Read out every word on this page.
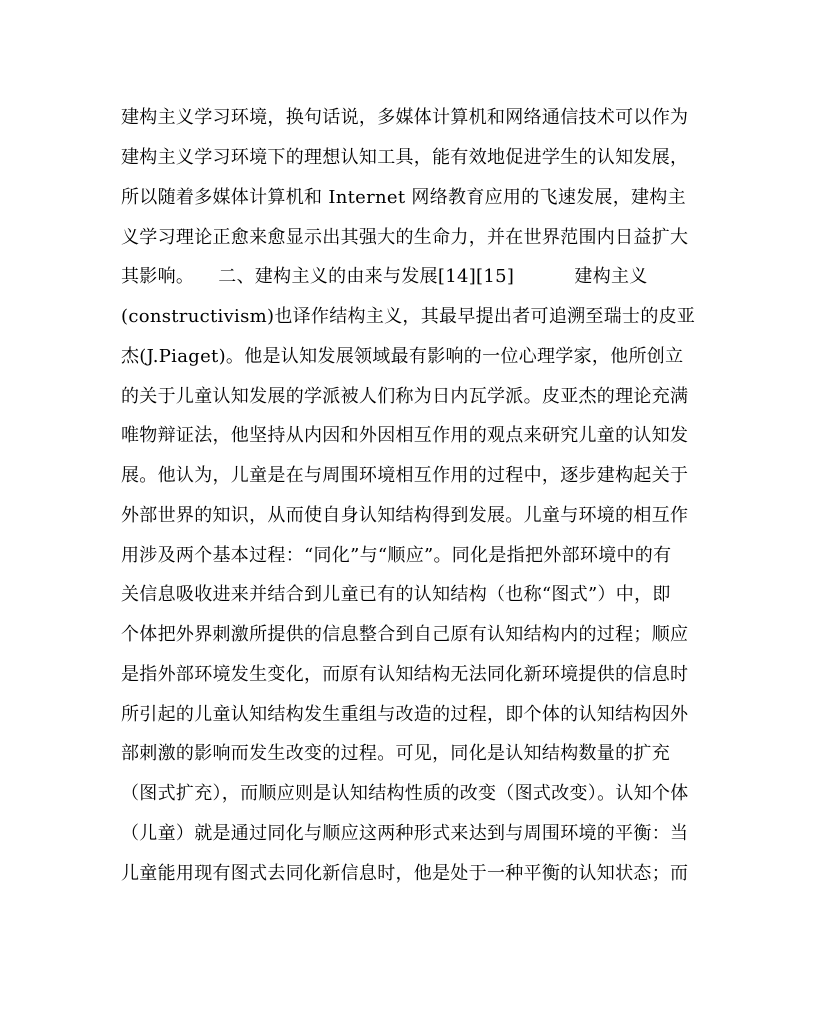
建构主义学习环境，换句话说，多媒体计算机和网络通信技术可以作为
建构主义学习环境下的理想认知工具，能有效地促进学生的认知发展，
所以随着多媒体计算机和 Internet 网络教育应用的飞速发展，建构主
义学习理论正愈来愈显示出其强大的生命力，并在世界范围内日益扩大
其影响。    二、建构主义的由来与发展[14][15]          建构主义
(constructivism)也译作结构主义，其最早提出者可追溯至瑞士的皮亚
杰(J.Piaget)。他是认知发展领域最有影响的一位心理学家，他所创立
的关于儿童认知发展的学派被人们称为日内瓦学派。皮亚杰的理论充满
唯物辩证法，他坚持从内因和外因相互作用的观点来研究儿童的认知发
展。他认为，儿童是在与周围环境相互作用的过程中，逐步建构起关于
外部世界的知识，从而使自身认知结构得到发展。儿童与环境的相互作
用涉及两个基本过程：“同化”与“顺应”。同化是指把外部环境中的有
关信息吸收进来并结合到儿童已有的认知结构（也称“图式”）中，即
个体把外界刺激所提供的信息整合到自己原有认知结构内的过程；顺应
是指外部环境发生变化，而原有认知结构无法同化新环境提供的信息时
所引起的儿童认知结构发生重组与改造的过程，即个体的认知结构因外
部刺激的影响而发生改变的过程。可见，同化是认知结构数量的扩充
（图式扩充），而顺应则是认知结构性质的改变（图式改变）。认知个体
（儿童）就是通过同化与顺应这两种形式来达到与周围环境的平衡：当
儿童能用现有图式去同化新信息时，他是处于一种平衡的认知状态；而
